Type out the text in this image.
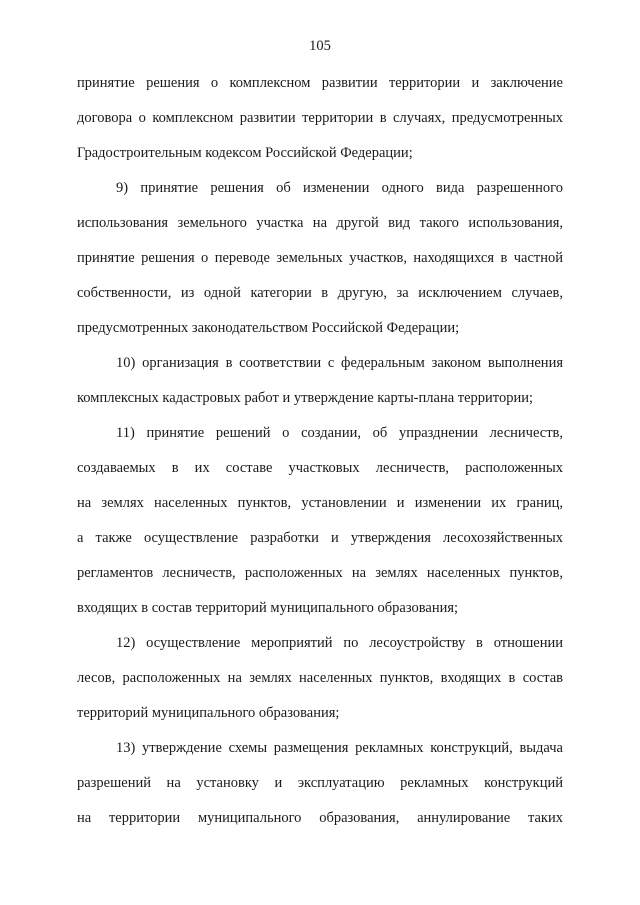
105
принятие решения о комплексном развитии территории и заключение
договора о комплексном развитии территории в случаях, предусмотренных
Градостроительным кодексом Российской Федерации;
9) принятие решения об изменении одного вида разрешенного
использования земельного участка на другой вид такого использования,
принятие решения о переводе земельных участков, находящихся в частной
собственности, из одной категории в другую, за исключением случаев,
предусмотренных законодательством Российской Федерации;
10) организация в соответствии с федеральным законом выполнения
комплексных кадастровых работ и утверждение карты-плана территории;
11) принятие решений о создании, об упразднении лесничеств,
создаваемых в их составе участковых лесничеств, расположенных
на землях населенных пунктов, установлении и изменении их границ,
а также осуществление разработки и утверждения лесохозяйственных
регламентов лесничеств, расположенных на землях населенных пунктов,
входящих в состав территорий муниципального образования;
12) осуществление мероприятий по лесоустройству в отношении
лесов, расположенных на землях населенных пунктов, входящих в состав
территорий муниципального образования;
13) утверждение схемы размещения рекламных конструкций, выдача
разрешений на установку и эксплуатацию рекламных конструкций
на территории муниципального образования, аннулирование таких
